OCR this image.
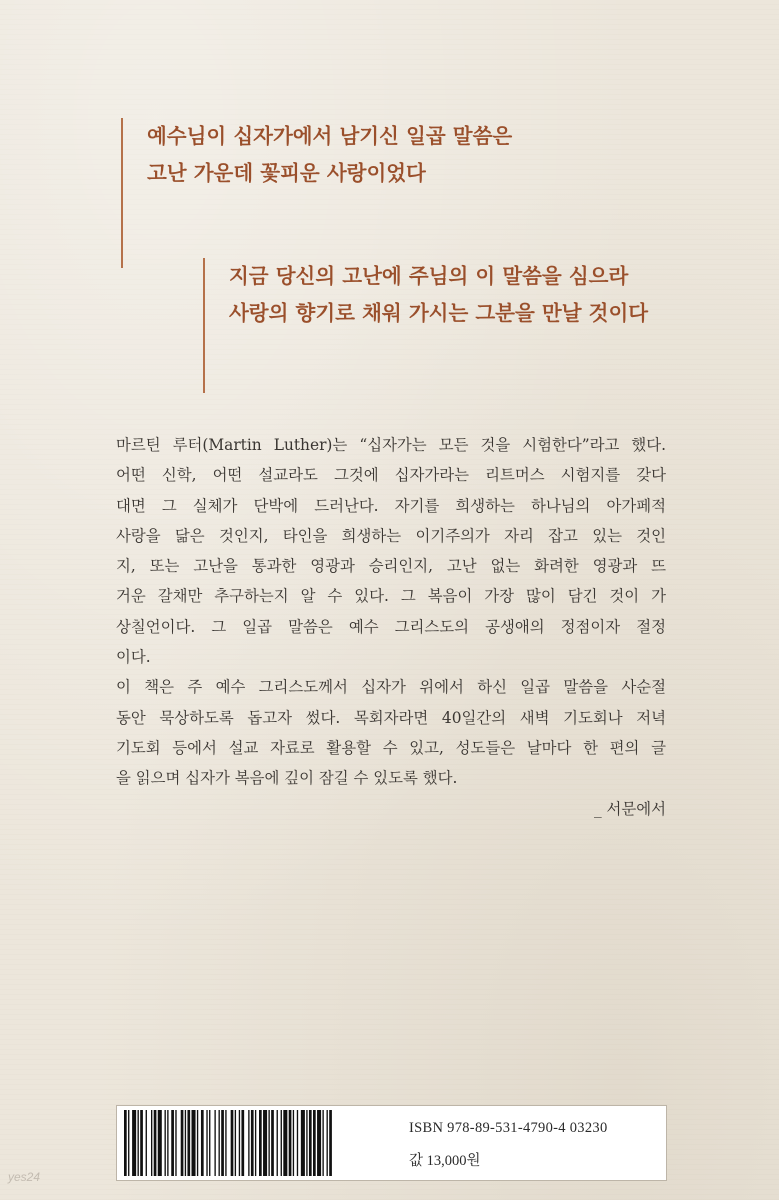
예수님이 십자가에서 남기신 일곱 말씀은
고난 가운데 꽃피운 사랑이었다
지금 당신의 고난에 주님의 이 말씀을 심으라
사랑의 향기로 채워 가시는 그분을 만날 것이다
마르틴 루터(Martin Luther)는 “십자가는 모든 것을 시험한다”라고 했다.
어떤 신학, 어떤 설교라도 그것에 십자가라는 리트머스 시험지를 갖다
대면 그 실체가 단박에 드러난다. 자기를 희생하는 하나님의 아가페적
사랑을 닮은 것인지, 타인을 희생하는 이기주의가 자리 잡고 있는 것인
지, 또는 고난을 통과한 영광과 승리인지, 고난 없는 화려한 영광과 뜨
거운 갈채만 추구하는지 알 수 있다. 그 복음이 가장 많이 담긴 것이 가
상칠언이다. 그 일곱 말씀은 예수 그리스도의 공생애의 정점이자 절정
이다.
이 책은 주 예수 그리스도께서 십자가 위에서 하신 일곱 말씀을 사순절
동안 묵상하도록 돕고자 썼다. 목회자라면 40일간의 새벽 기도회나 저녁
기도회 등에서 설교 자료로 활용할 수 있고, 성도들은 날마다 한 편의 글
을 읽으며 십자가 복음에 깊이 잠길 수 있도록 했다.
_ 서문에서
ISBN 978-89-531-4790-4 03230
값 13,000원
yes24
